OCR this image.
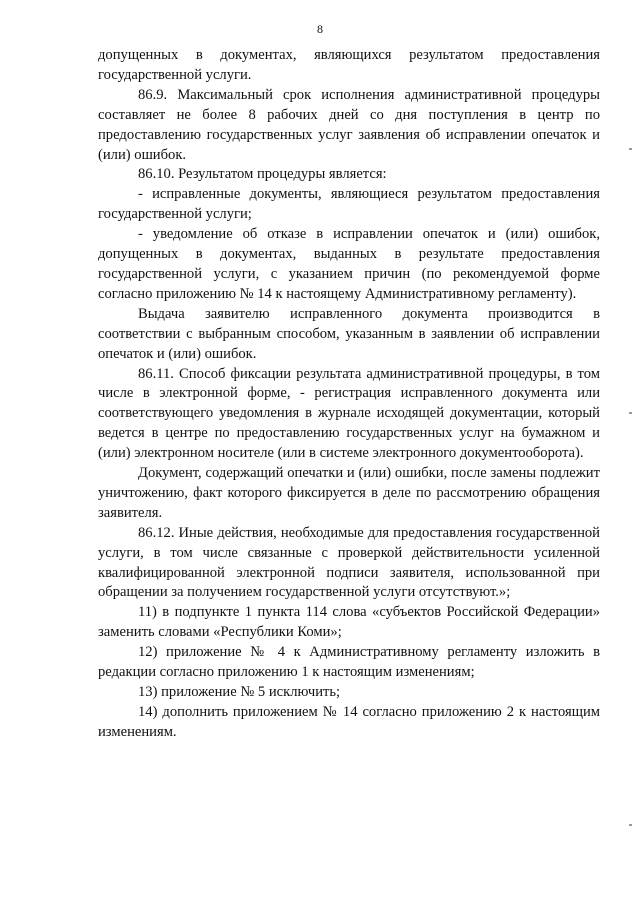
8

допущенных в документах, являющихся результатом предоставления государственной услуги.

86.9. Максимальный срок исполнения административной процедуры составляет не более 8 рабочих дней со дня поступления в центр по предоставлению государственных услуг заявления об исправлении опечаток и (или) ошибок.

86.10. Результатом процедуры является:

- исправленные документы, являющиеся результатом предоставления государственной услуги;

- уведомление об отказе в исправлении опечаток и (или) ошибок, допущенных в документах, выданных в результате предоставления государственной услуги, с указанием причин (по рекомендуемой форме согласно приложению № 14 к настоящему Административному регламенту).

Выдача заявителю исправленного документа производится в соответствии с выбранным способом, указанным в заявлении об исправлении опечаток и (или) ошибок.

86.11. Способ фиксации результата административной процедуры, в том числе в электронной форме, - регистрация исправленного документа или соответствующего уведомления в журнале исходящей документации, который ведется в центре по предоставлению государственных услуг на бумажном и (или) электронном носителе (или в системе электронного документооборота).

Документ, содержащий опечатки и (или) ошибки, после замены подлежит уничтожению, факт которого фиксируется в деле по рассмотрению обращения заявителя.

86.12. Иные действия, необходимые для предоставления государственной услуги, в том числе связанные с проверкой действительности усиленной квалифицированной электронной подписи заявителя, использованной при обращении за получением государственной услуги отсутствуют.»;

11) в подпункте 1 пункта 114 слова «субъектов Российской Федерации» заменить словами «Республики Коми»;

12) приложение № 4 к Административному регламенту изложить в редакции согласно приложению 1 к настоящим изменениям;

13) приложение № 5 исключить;

14) дополнить приложением № 14 согласно приложению 2 к настоящим изменениям.
